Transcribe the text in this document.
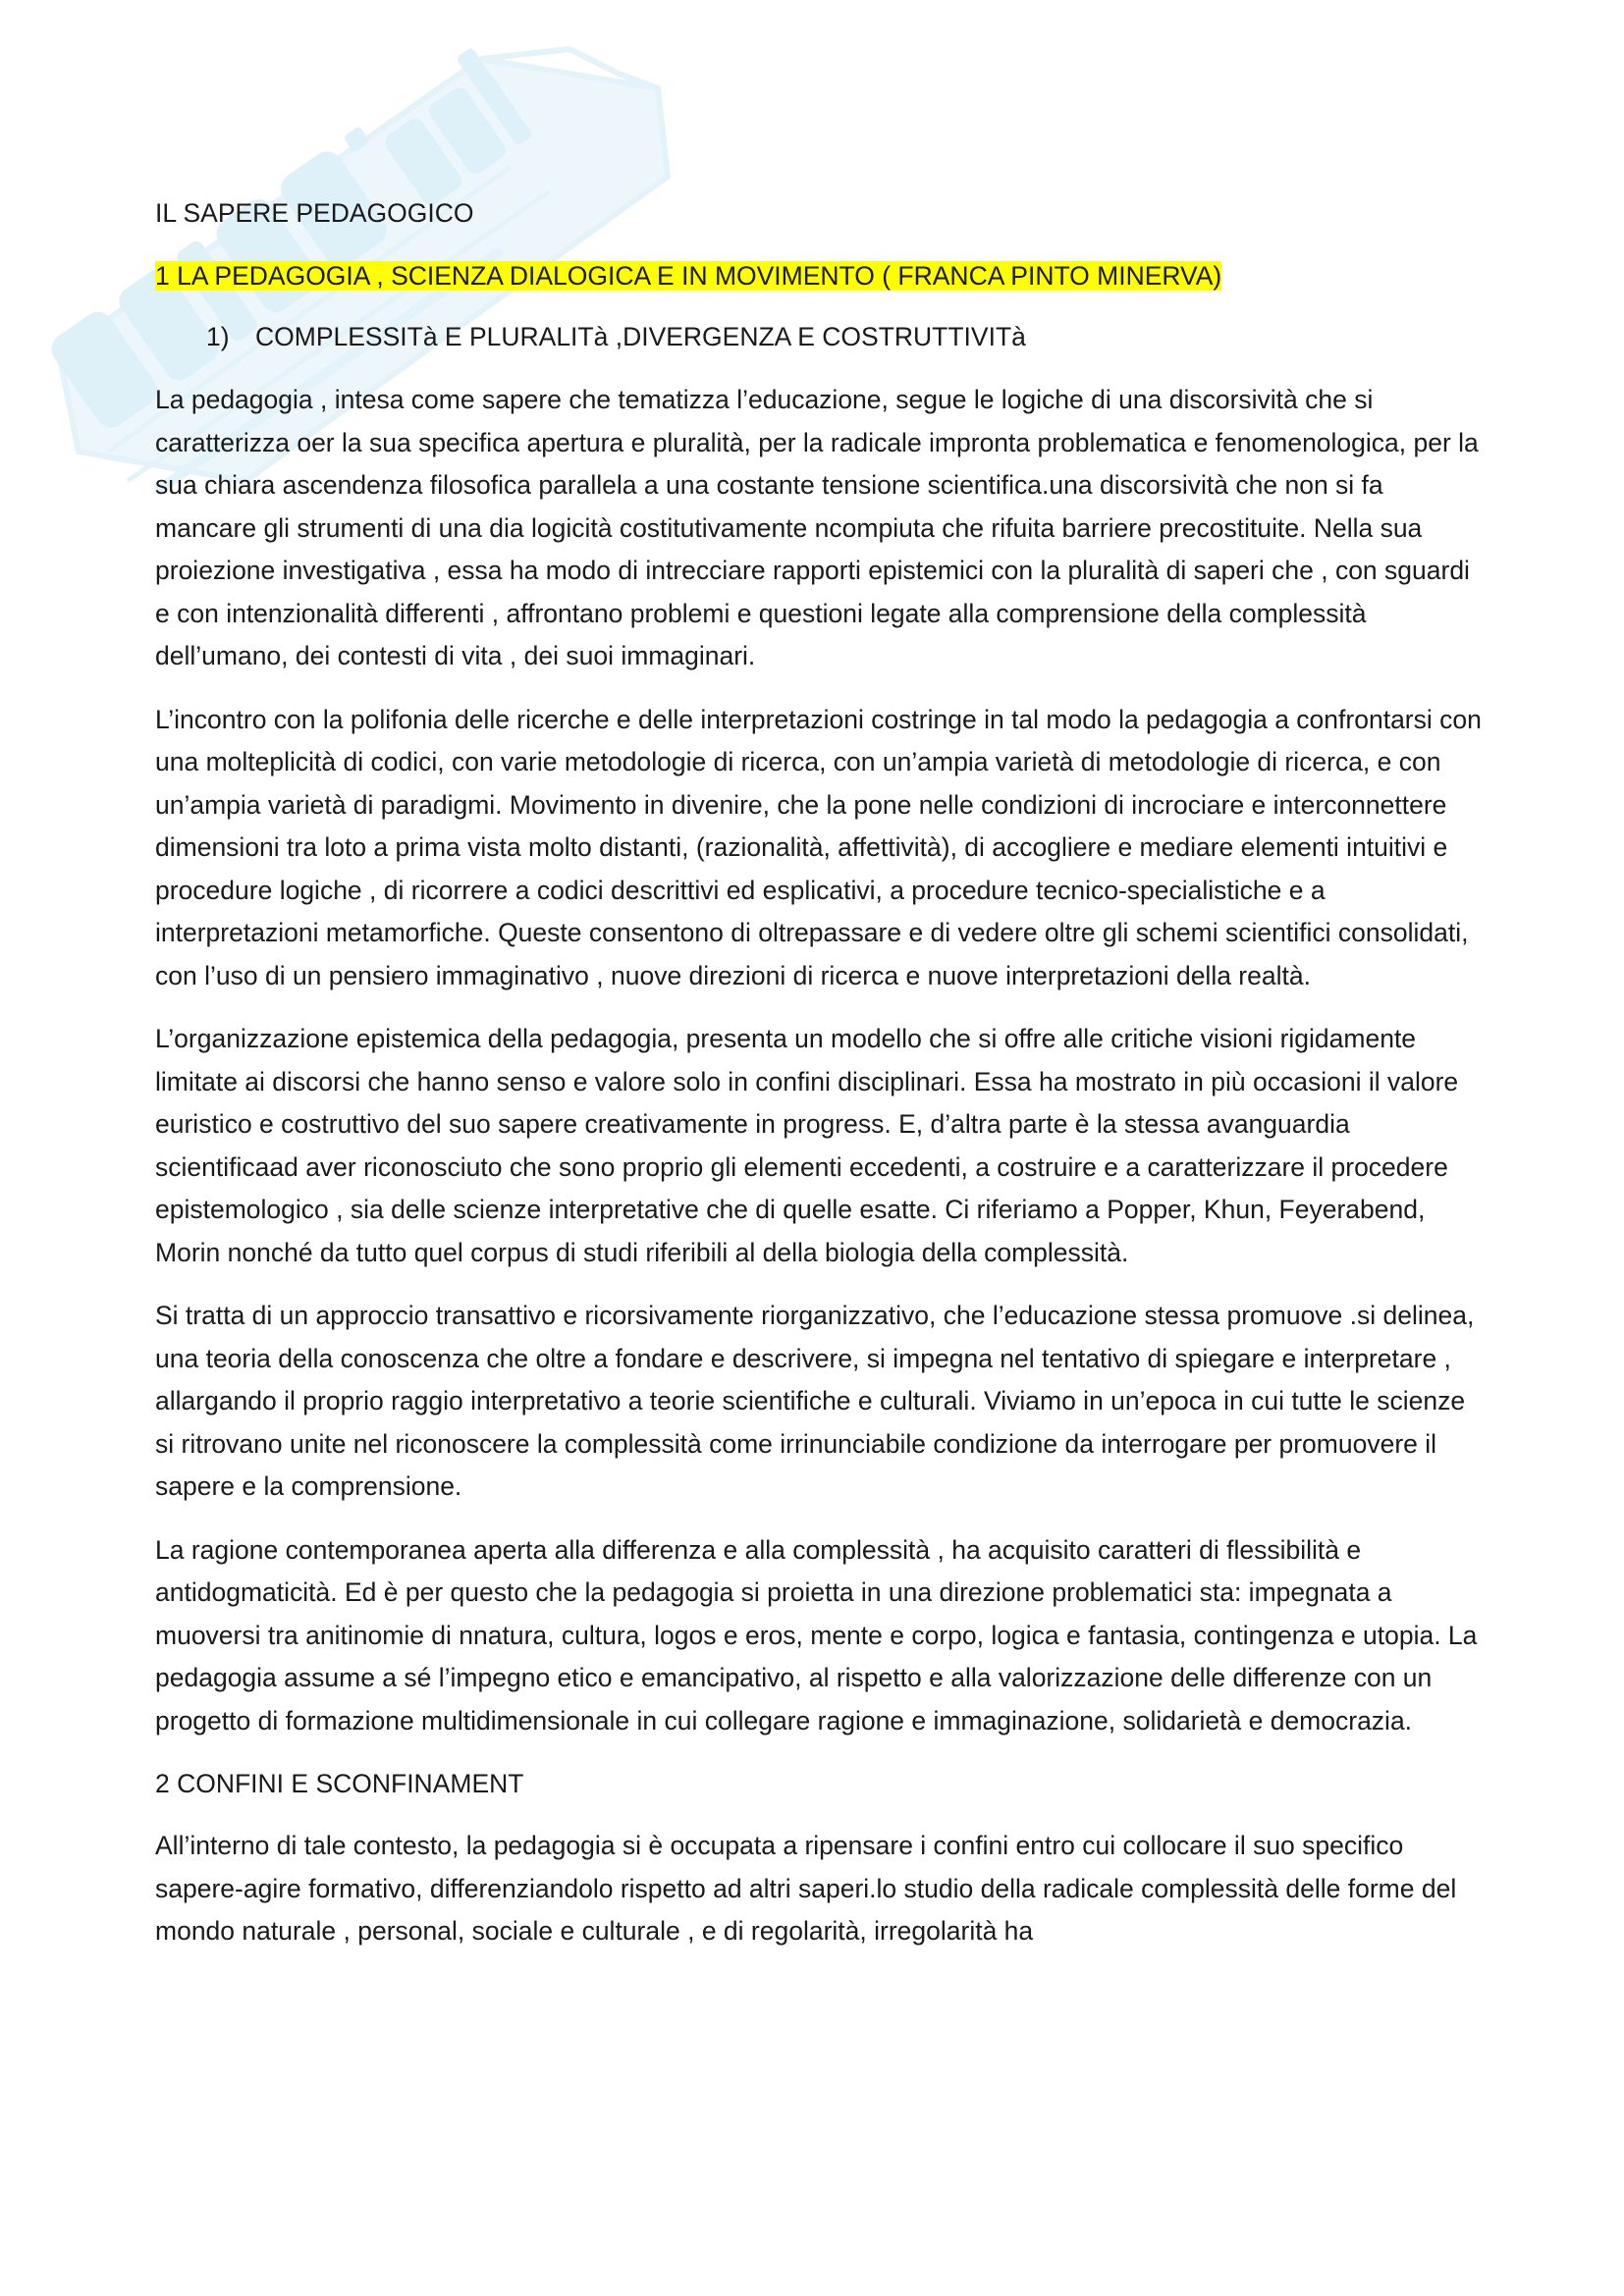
IL SAPERE PEDAGOGICO
1 LA PEDAGOGIA , SCIENZA DIALOGICA E IN MOVIMENTO ( FRANCA PINTO MINERVA)
1) COMPLESSITà E PLURALITà ,DIVERGENZA E COSTRUTTIVITà

La pedagogia , intesa come sapere che tematizza l’educazione, segue le logiche di una discorsività che si caratterizza oer la sua specifica apertura e pluralità, per la radicale impronta problematica e fenomenologica, per la sua chiara ascendenza filosofica parallela a una costante tensione scientifica.una discorsività che non si fa mancare gli strumenti di una dia logicità costitutivamente ncompiuta che rifuita barriere precostituite. Nella sua proiezione investigativa , essa ha modo di intrecciare rapporti epistemici con la pluralità di saperi che , con sguardi e con intenzionalità differenti , affrontano problemi e questioni legate alla comprensione della complessità dell’umano, dei contesti di vita , dei suoi immaginari.

L’incontro con la polifonia delle ricerche e delle interpretazioni costringe in tal modo la pedagogia a confrontarsi con una molteplicità di codici, con varie metodologie di ricerca, con un’ampia varietà di metodologie di ricerca, e con un’ampia varietà di paradigmi. Movimento in divenire, che la pone nelle condizioni di incrociare e interconnettere dimensioni tra loto a prima vista molto distanti, (razionalità, affettività), di accogliere e mediare elementi intuitivi e procedure logiche , di ricorrere a codici descrittivi ed esplicativi, a procedure tecnico-specialistiche e a interpretazioni metamorfiche. Queste consentono di oltrepassare e di vedere oltre gli schemi scientifici consolidati, con l’uso di un pensiero immaginativo , nuove direzioni di ricerca e nuove interpretazioni della realtà.

L’organizzazione epistemica della pedagogia, presenta un modello che si offre alle critiche visioni rigidamente limitate ai discorsi che hanno senso e valore solo in confini disciplinari. Essa ha mostrato in più occasioni il valore euristico e costruttivo del suo sapere creativamente in progress. E, d’altra parte è la stessa avanguardia scientificaad aver riconosciuto che sono proprio gli elementi eccedenti, a costruire e a caratterizzare il procedere epistemologico , sia delle scienze interpretative che di quelle esatte. Ci riferiamo a Popper, Khun, Feyerabend, Morin nonché da tutto quel corpus di studi riferibili al della biologia della complessità.

Si tratta di un approccio transattivo e ricorsivamente riorganizzativo, che l’educazione stessa promuove .si delinea, una teoria della conoscenza che oltre a fondare e descrivere, si impegna nel tentativo di spiegare e interpretare , allargando il proprio raggio interpretativo a teorie scientifiche e culturali. Viviamo in un’epoca in cui tutte le scienze si ritrovano unite nel riconoscere la complessità come irrinunciabile condizione da interrogare per promuovere il sapere e la comprensione.

La ragione contemporanea aperta alla differenza e alla complessità , ha acquisito caratteri di flessibilità e antidogmaticità. Ed è per questo che la pedagogia si proietta in una direzione problematici sta: impegnata a muoversi tra anitinomie di nnatura, cultura, logos e eros, mente e corpo, logica e fantasia, contingenza e utopia. La pedagogia assume a sé l’impegno etico e emancipativo, al rispetto e alla valorizzazione delle differenze con un progetto di formazione multidimensionale in cui collegare ragione e immaginazione, solidarietà e democrazia.

2 CONFINI E SCONFINAMENT

All’interno di tale contesto, la pedagogia si è occupata a ripensare i confini entro cui collocare il suo specifico sapere-agire formativo, differenziandolo rispetto ad altri saperi.lo studio della radicale complessità delle forme del mondo naturale , personal, sociale e culturale , e di regolarità, irregolarità ha
